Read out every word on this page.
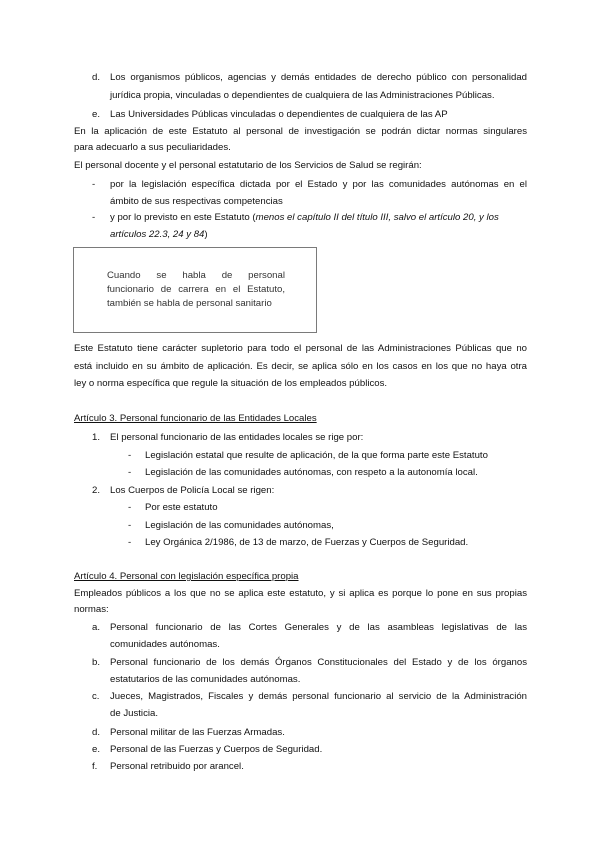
d. Los organismos públicos, agencias y demás entidades de derecho público con personalidad
jurídica propia, vinculadas o dependientes de cualquiera de las Administraciones Públicas.
e. Las Universidades Públicas vinculadas o dependientes de cualquiera de las AP
En la aplicación de este Estatuto al personal de investigación se podrán dictar normas singulares
para adecuarlo a sus peculiaridades.
El personal docente y el personal estatutario de los Servicios de Salud se regirán:
- por la legislación específica dictada por el Estado y por las comunidades autónomas en el
ámbito de sus respectivas competencias
- y por lo previsto en este Estatuto (menos el capítulo II del título III, salvo el artículo 20, y los
artículos 22.3, 24 y 84)
Cuando se habla de personal
funcionario de carrera en el Estatuto,
también se habla de personal sanitario
Este Estatuto tiene carácter supletorio para todo el personal de las Administraciones Públicas que no
está incluido en su ámbito de aplicación. Es decir, se aplica sólo en los casos en los que no haya otra
ley o norma específica que regule la situación de los empleados públicos.
Artículo 3. Personal funcionario de las Entidades Locales
1. El personal funcionario de las entidades locales se rige por:
- Legislación estatal que resulte de aplicación, de la que forma parte este Estatuto
- Legislación de las comunidades autónomas, con respeto a la autonomía local.
2. Los Cuerpos de Policía Local se rigen:
- Por este estatuto
- Legislación de las comunidades autónomas,
- Ley Orgánica 2/1986, de 13 de marzo, de Fuerzas y Cuerpos de Seguridad.
Artículo 4. Personal con legislación específica propia
Empleados públicos a los que no se aplica este estatuto, y si aplica es porque lo pone en sus propias
normas:
a. Personal funcionario de las Cortes Generales y de las asambleas legislativas de las
comunidades autónomas.
b. Personal funcionario de los demás Órganos Constitucionales del Estado y de los órganos
estatutarios de las comunidades autónomas.
c. Jueces, Magistrados, Fiscales y demás personal funcionario al servicio de la Administración
de Justicia.
d. Personal militar de las Fuerzas Armadas.
e. Personal de las Fuerzas y Cuerpos de Seguridad.
f. Personal retribuido por arancel.
